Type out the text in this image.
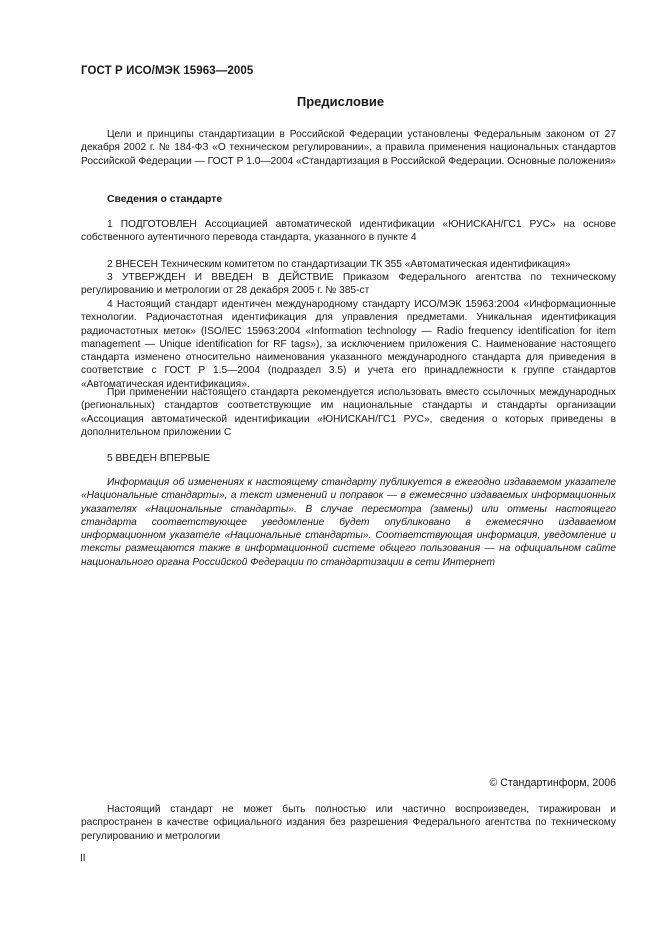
ГОСТ Р ИСО/МЭК 15963—2005
Предисловие

Цели и принципы стандартизации в Российской Федерации установлены Федеральным законом от 27 декабря 2002 г. № 184-ФЗ «О техническом регулировании», а правила применения национальных стандартов Российской Федерации — ГОСТ Р 1.0—2004 «Стандартизация в Российской Федерации. Основные положения»

Сведения о стандарте

1 ПОДГОТОВЛЕН Ассоциацией автоматической идентификации «ЮНИСКАН/ГС1 РУС» на основе собственного аутентичного перевода стандарта, указанного в пункте 4

2 ВНЕСЕН Техническим комитетом по стандартизации ТК 355 «Автоматическая идентификация»

3 УТВЕРЖДЕН И ВВЕДЕН В ДЕЙСТВИЕ Приказом Федерального агентства по техническому регулированию и метрологии от 28 декабря 2005 г. № 385-ст

4 Настоящий стандарт идентичен международному стандарту ИСО/МЭК 15963:2004 «Информационные технологии. Радиочастотная идентификация для управления предметами. Уникальная идентификация радиочастотных меток» (ISO/IEC 15963:2004 «Information technology — Radio frequency identification for item management — Unique identification for RF tags»), за исключением приложения С. Наименование настоящего стандарта изменено относительно наименования указанного международного стандарта для приведения в соответствие с ГОСТ Р 1.5—2004 (подраздел 3.5) и учета его принадлежности к группе стандартов «Автоматическая идентификация».

При применении настоящего стандарта рекомендуется использовать вместо ссылочных международных (региональных) стандартов соответствующие им национальные стандарты и стандарты организации «Ассоциация автоматической идентификации «ЮНИСКАН/ГС1 РУС», сведения о которых приведены в дополнительном приложении С

5 ВВЕДЕН ВПЕРВЫЕ

Информация об изменениях к настоящему стандарту публикуется в ежегодно издаваемом указателе «Национальные стандарты», а текст изменений и поправок — в ежемесячно издаваемых информационных указателях «Национальные стандарты». В случае пересмотра (замены) или отмены настоящего стандарта соответствующее уведомление будет опубликовано в ежемесячно издаваемом информационном указателе «Национальные стандарты». Соответствующая информация, уведомление и тексты размещаются также в информационной системе общего пользования — на официальном сайте национального органа Российской Федерации по стандартизации в сети Интернет

© Стандартинформ, 2006

Настоящий стандарт не может быть полностью или частично воспроизведен, тиражирован и распространен в качестве официального издания без разрешения Федерального агентства по техническому регулированию и метрологии

II
